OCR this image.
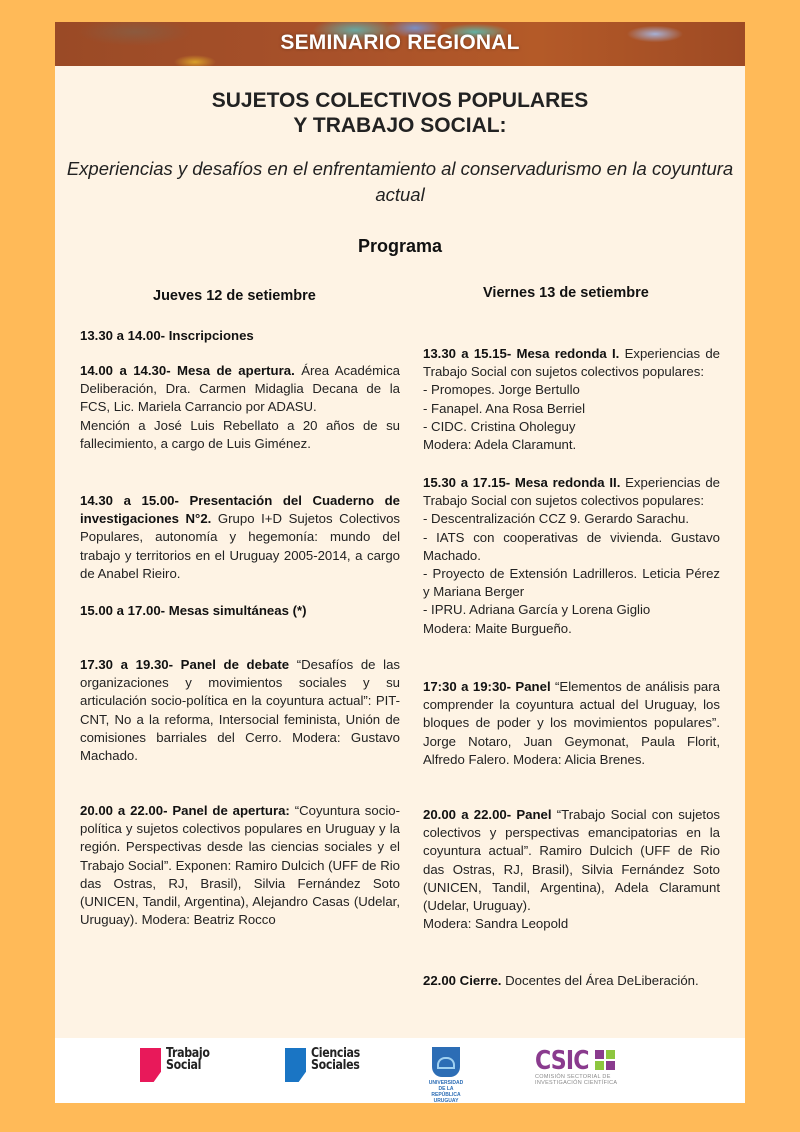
SEMINARIO REGIONAL
SUJETOS COLECTIVOS POPULARES
Y TRABAJO SOCIAL:
Experiencias y desafíos en el enfrentamiento al conservadurismo en la coyuntura actual
Programa
Jueves 12 de setiembre	Viernes 13 de setiembre
13.30 a 14.00- Inscripciones
14.00 a 14.30- Mesa de apertura. Área Académica Deliberación, Dra. Carmen Midaglia Decana de la FCS, Lic. Mariela Carrancio por ADASU.
Mención a José Luis Rebellato a 20 años de su fallecimiento, a cargo de Luis Giménez.
14.30 a 15.00- Presentación del Cuaderno de investigaciones N°2. Grupo I+D Sujetos Colectivos Populares, autonomía y hegemonía: mundo del trabajo y territorios en el Uruguay 2005-2014, a cargo de Anabel Rieiro.
15.00 a 17.00- Mesas simultáneas (*)
17.30 a 19.30- Panel de debate “Desafíos de las organizaciones y movimientos sociales y su articulación socio-política en la coyuntura actual”: PIT-CNT, No a la reforma, Intersocial feminista, Unión de comisiones barriales del Cerro. Modera: Gustavo Machado.
20.00 a 22.00- Panel de apertura: “Coyuntura socio-política y sujetos colectivos populares en Uruguay y la región. Perspectivas desde las ciencias sociales y el Trabajo Social”. Exponen: Ramiro Dulcich (UFF de Rio das Ostras, RJ, Brasil), Silvia Fernández Soto (UNICEN, Tandil, Argentina), Alejandro Casas (Udelar, Uruguay). Modera: Beatriz Rocco
13.30 a 15.15- Mesa redonda I. Experiencias de Trabajo Social con sujetos colectivos populares:
- Promopes. Jorge Bertullo
- Fanapel. Ana Rosa Berriel
- CIDC. Cristina Oholeguy
Modera: Adela Claramunt.
15.30 a 17.15- Mesa redonda II. Experiencias de Trabajo Social con sujetos colectivos populares:
- Descentralización CCZ 9. Gerardo Sarachu.
- IATS con cooperativas de vivienda. Gustavo Machado.
- Proyecto de Extensión Ladrilleros. Leticia Pérez y Mariana Berger
- IPRU. Adriana García y Lorena Giglio
Modera: Maite Burgueño.
17:30 a 19:30- Panel “Elementos de análisis para comprender la coyuntura actual del Uruguay, los bloques de poder y los movimientos populares”. Jorge Notaro, Juan Geymonat, Paula Florit, Alfredo Falero. Modera: Alicia Brenes.
20.00 a 22.00- Panel “Trabajo Social con sujetos colectivos y perspectivas emancipatorias en la coyuntura actual”. Ramiro Dulcich (UFF de Rio das Ostras, RJ, Brasil), Silvia Fernández Soto (UNICEN, Tandil, Argentina), Adela Claramunt (Udelar, Uruguay).
Modera: Sandra Leopold
22.00 Cierre. Docentes del Área DeLiberación.
Trabajo
Social
Ciencias
Sociales
UNIVERSIDAD
DE LA REPÚBLICA
URUGUAY
CSIC
COMISIÓN SECTORIAL DE
INVESTIGACIÓN CIENTÍFICA
